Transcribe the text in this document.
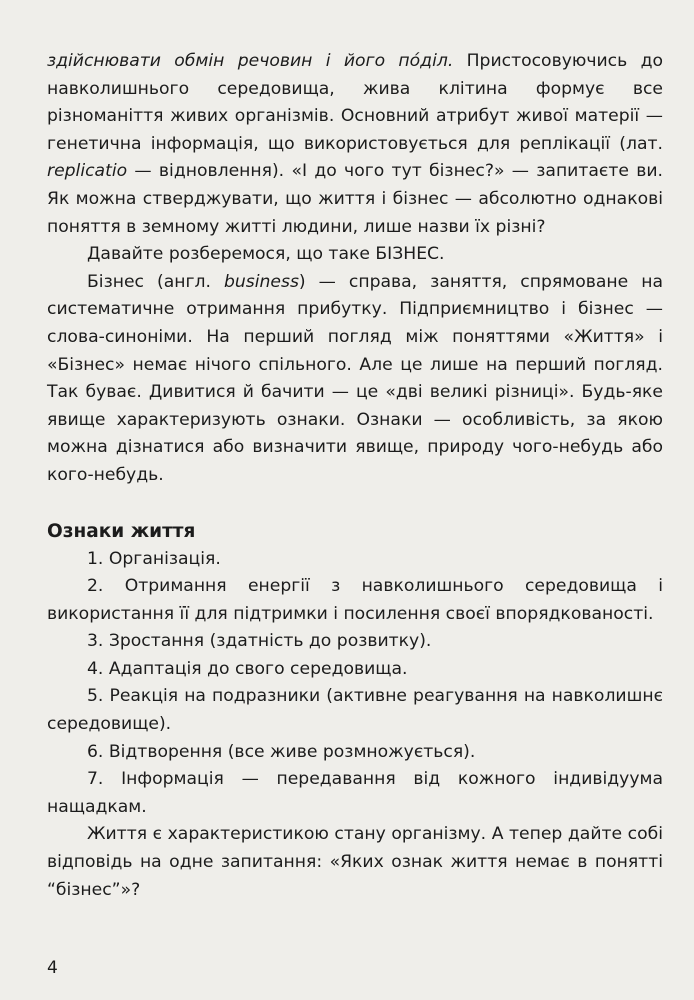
здійснювати обмін речовин і його пóділ. Пристосовуючись до навколишнього середовища, жива клітина формує все різноманіття живих організмів. Основний атрибут живої матерії — генетична інформація, що використовується для реплікації (лат. replicatio — відновлення). «І до чого тут бізнес?» — запитаєте ви. Як можна стверджувати, що життя і бізнес — абсолютно однакові поняття в земному житті людини, лише назви їх різні?

Давайте розберемося, що таке БІЗНЕС.

Бізнес (англ. business) — справа, заняття, спрямоване на систематичне отримання прибутку. Підприємництво і бізнес — слова-синоніми. На перший погляд між поняттями «Життя» і «Бізнес» немає нічого спільного. Але це лише на перший погляд. Так буває. Дивитися й бачити — це «дві великі різниці». Будь-яке явище характеризують ознаки. Ознаки — особливість, за якою можна дізнатися або визначити явище, природу чого-небудь або кого-небудь.

Ознаки життя

1. Організація.

2. Отримання енергії з навколишнього середовища і використання її для підтримки і посилення своєї впорядкованості.

3. Зростання (здатність до розвитку).

4. Адаптація до свого середовища.

5. Реакція на подразники (активне реагування на навколишнє середовище).

6. Відтворення (все живе розмножується).

7. Інформація — передавання від кожного індивідуума нащадкам.

Життя є характеристикою стану організму. А тепер дайте собі відповідь на одне запитання: «Яких ознак життя немає в понятті “бізнес”»?

4
